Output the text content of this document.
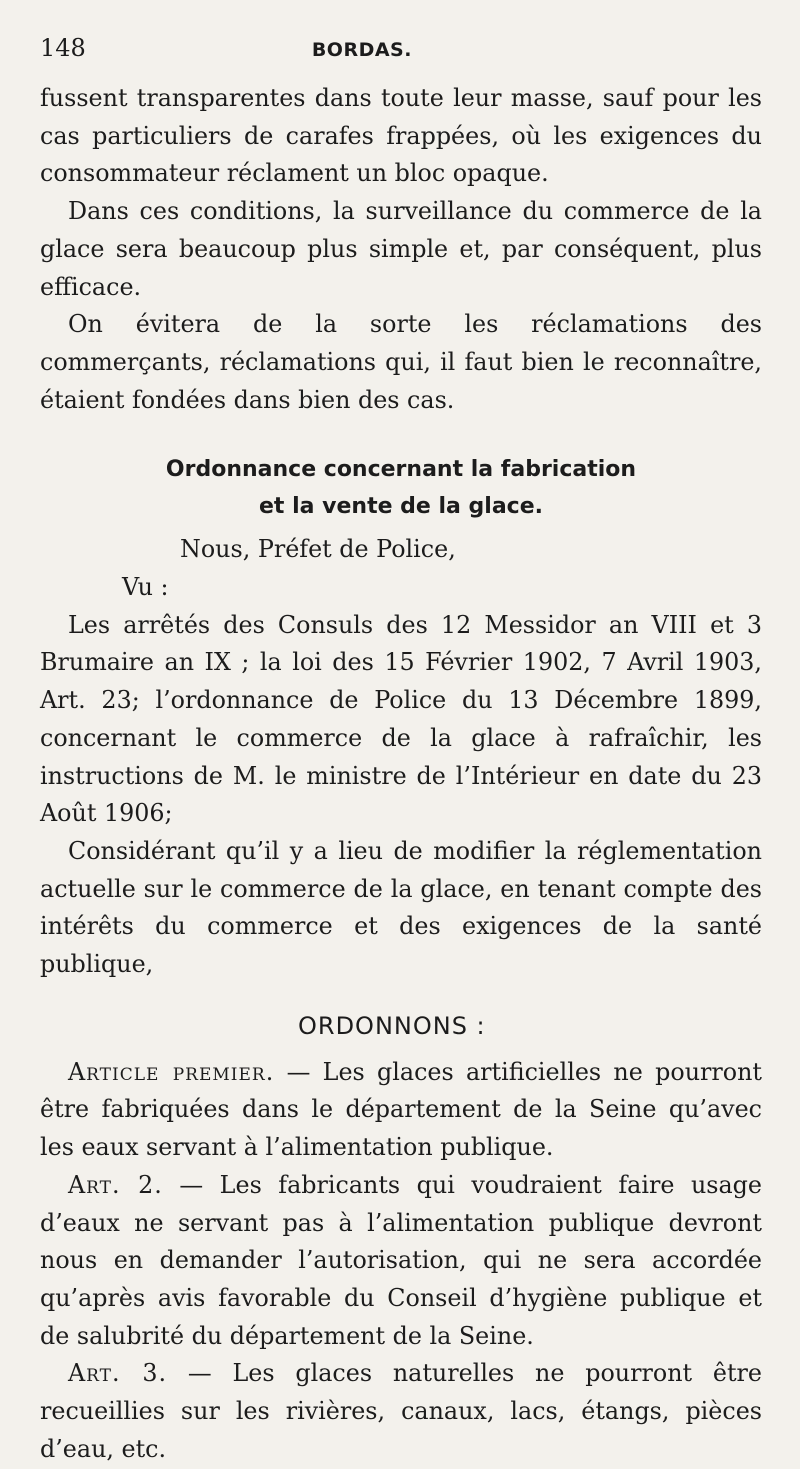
148	BORDAS.

fussent transparentes dans toute leur masse, sauf pour les cas particuliers de carafes frappées, où les exigences du consommateur réclament un bloc opaque.

Dans ces conditions, la surveillance du commerce de la glace sera beaucoup plus simple et, par conséquent, plus efficace.

On évitera de la sorte les réclamations des commerçants, réclamations qui, il faut bien le reconnaître, étaient fondées dans bien des cas.

Ordonnance concernant la fabrication
et la vente de la glace.

Nous, Préfet de Police,

Vu :

Les arrêtés des Consuls des 12 Messidor an VIII et 3 Brumaire an IX ; la loi des 15 Février 1902, 7 Avril 1903, Art. 23; l’ordonnance de Police du 13 Décembre 1899, concernant le commerce de la glace à rafraîchir, les instructions de M. le ministre de l’Intérieur en date du 23 Août 1906;

Considérant qu’il y a lieu de modifier la réglementation actuelle sur le commerce de la glace, en tenant compte des intérêts du commerce et des exigences de la santé publique,

ORDONNONS :

Article premier. — Les glaces artificielles ne pourront être fabriquées dans le département de la Seine qu’avec les eaux servant à l’alimentation publique.

Art. 2. — Les fabricants qui voudraient faire usage d’eaux ne servant pas à l’alimentation publique devront nous en demander l’autorisation, qui ne sera accordée qu’après avis favorable du Conseil d’hygiène publique et de salubrité du département de la Seine.

Art. 3. — Les glaces naturelles ne pourront être recueillies sur les rivières, canaux, lacs, étangs, pièces d’eau, etc.
